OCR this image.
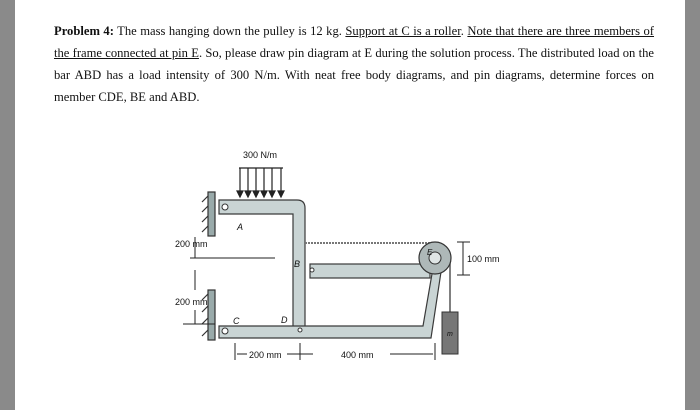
Problem 4: The mass hanging down the pulley is 12 kg. Support at C is a roller. Note that there are three members of the frame connected at pin E. So, please draw pin diagram at E during the solution process. The distributed load on the bar ABD has a load intensity of 300 N/m. With neat free body diagrams, and pin diagrams, determine forces on member CDE, BE and ABD.
300 N/m
A
B
C	D
E
m
200 mm
200 mm
200 mm	400 mm
100 mm
